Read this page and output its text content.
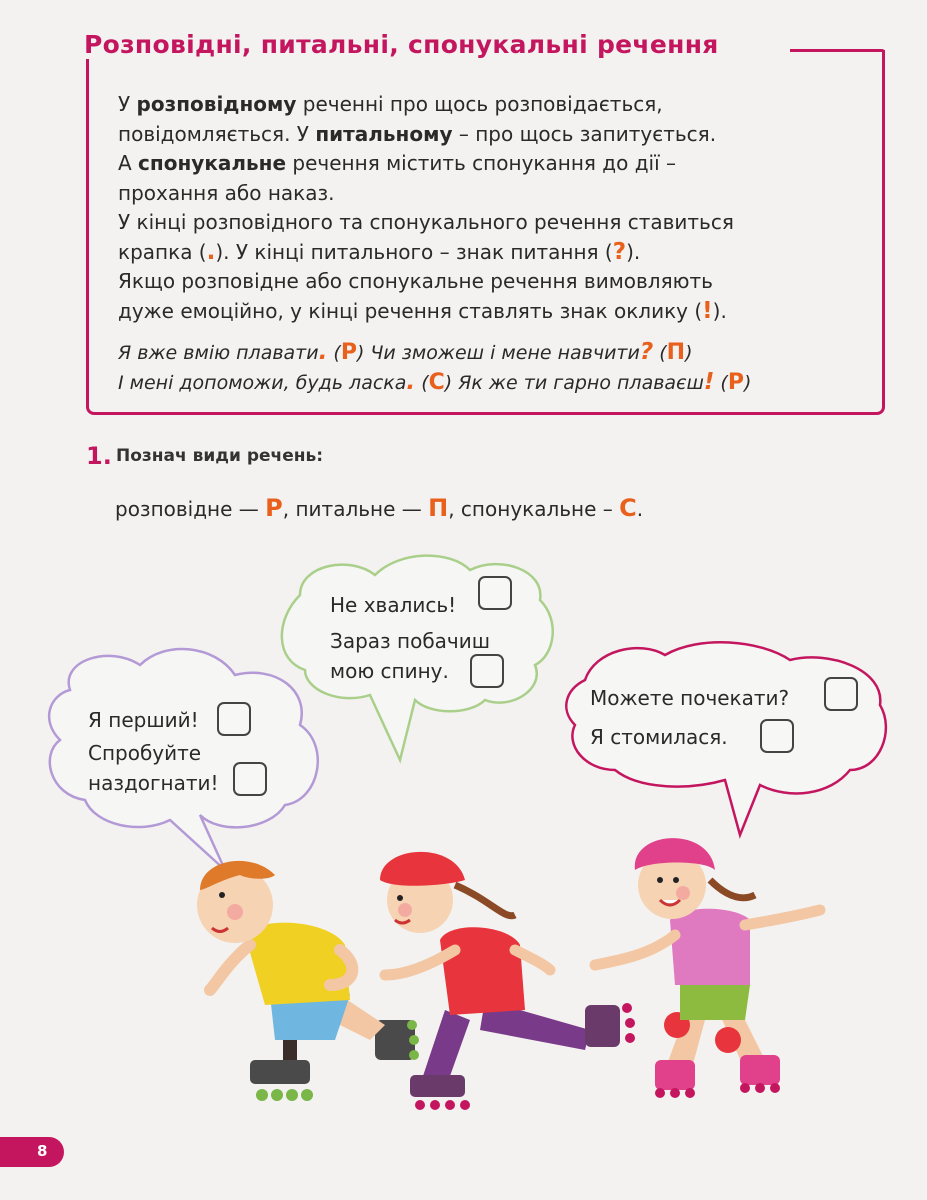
Розповідні, питальні, спонукальні речення

У розповідному реченні про щось розповідається,

повідомляється. У питальному – про щось запитується.

А спонукальне речення містить спонукання до дії –

прохання або наказ.

У кінці розповідного та спонукального речення ставиться

крапка (.). У кінці питального – знак питання (?).

Якщо розповідне або спонукальне речення вимовляють

дуже емоційно, у кінці речення ставлять знак оклику (!).

Я вже вмію плавати. (Р) Чи зможеш і мене навчити? (П)
І мені допоможи, будь ласка. (С) Як же ти гарно плаваєш! (Р)
1. Познач види речень:
розповідне — Р, питальне — П, спонукальне – С.
Я перший!
Спробуйте
наздогнати!
Не хвались!
Зараз побачиш
мою спину.
Можете почекати?
Я стомилася.
8
